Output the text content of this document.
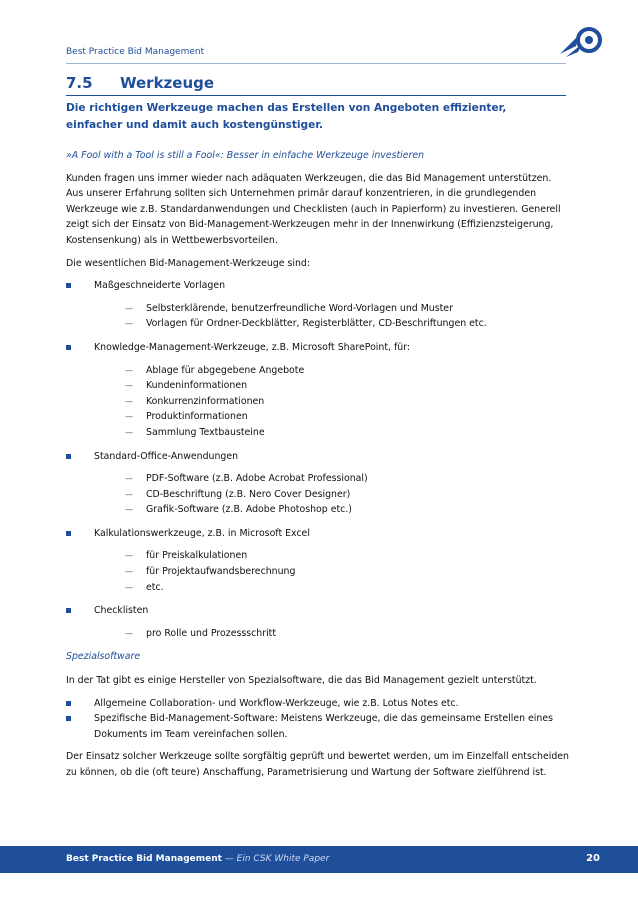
Best Practice Bid Management
7.5 Werkzeuge
Die richtigen Werkzeuge machen das Erstellen von Angeboten effizienter, einfacher und damit auch kostengünstiger.

»A Fool with a Tool is still a Fool«: Besser in einfache Werkzeuge investieren

Kunden fragen uns immer wieder nach adäquaten Werkzeugen, die das Bid Management unterstützen. Aus unserer Erfahrung sollten sich Unternehmen primär darauf konzentrieren, in die grundlegenden Werkzeuge wie z.B. Standardanwendungen und Checklisten (auch in Papierform) zu investieren. Generell zeigt sich der Einsatz von Bid-Management-Werkzeugen mehr in der Innenwirkung (Effizienzsteigerung, Kostensenkung) als in Wettbewerbsvorteilen.

Die wesentlichen Bid-Management-Werkzeuge sind:

Maßgeschneiderte Vorlagen
— Selbsterklärende, benutzerfreundliche Word-Vorlagen und Muster
— Vorlagen für Ordner-Deckblätter, Registerblätter, CD-Beschriftungen etc.
Knowledge-Management-Werkzeuge, z.B. Microsoft SharePoint, für:
— Ablage für abgegebene Angebote
— Kundeninformationen
— Konkurrenzinformationen
— Produktinformationen
— Sammlung Textbausteine
Standard-Office-Anwendungen
— PDF-Software (z.B. Adobe Acrobat Professional)
— CD-Beschriftung (z.B. Nero Cover Designer)
— Grafik-Software (z.B. Adobe Photoshop etc.)
Kalkulationswerkzeuge, z.B. in Microsoft Excel
— für Preiskalkulationen
— für Projektaufwandsberechnung
— etc.
Checklisten
— pro Rolle und Prozessschritt

Spezialsoftware

In der Tat gibt es einige Hersteller von Spezialsoftware, die das Bid Management gezielt unterstützt.

Allgemeine Collaboration- und Workflow-Werkzeuge, wie z.B. Lotus Notes etc.
Spezifische Bid-Management-Software: Meistens Werkzeuge, die das gemeinsame Erstellen eines Dokuments im Team vereinfachen sollen.

Der Einsatz solcher Werkzeuge sollte sorgfältig geprüft und bewertet werden, um im Einzelfall entscheiden zu können, ob die (oft teure) Anschaffung, Parametrisierung und Wartung der Software zielführend ist.

Best Practice Bid Management — Ein CSK White Paper	20
